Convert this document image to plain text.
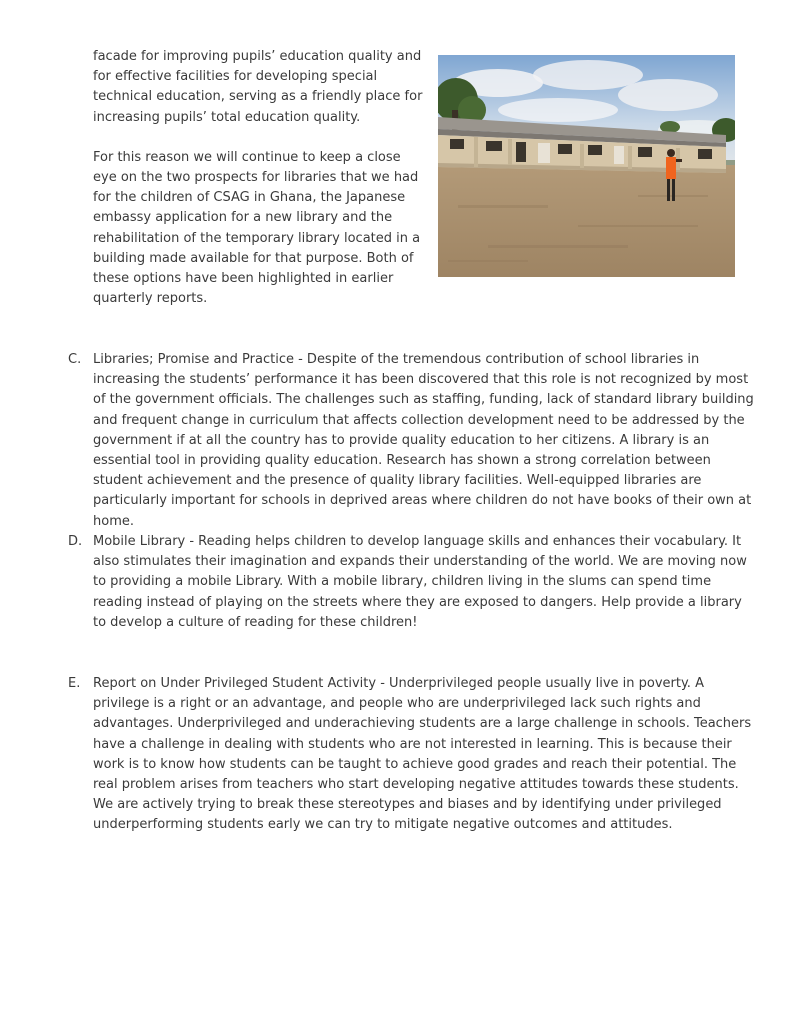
facade for improving pupils’ education quality and for effective facilities for developing special technical education, serving as a friendly place for increasing pupils’ total education quality.

For this reason we will continue to keep a close eye on the two prospects for libraries that we had for the children of CSAG in Ghana, the Japanese embassy application for a new library and the rehabilitation of the temporary library located in a building made available for that purpose. Both of these options have been highlighted in earlier quarterly reports.

C. Libraries; Promise and Practice - Despite of the tremendous contribution of school libraries in increasing the students’ performance it has been discovered that this role is not recognized by most of the government officials. The challenges such as staffing, funding, lack of standard library building and frequent change in curriculum that affects collection development need to be addressed by the government if at all the country has to provide quality education to her citizens. A library is an essential tool in providing quality education. Research has shown a strong correlation between student achievement and the presence of quality library facilities. Well-equipped libraries are particularly important for schools in deprived areas where children do not have books of their own at home.
D. Mobile Library - Reading helps children to develop language skills and enhances their vocabulary. It also stimulates their imagination and expands their understanding of the world. We are moving now to providing a mobile Library. With a mobile library, children living in the slums can spend time reading instead of playing on the streets where they are exposed to dangers. Help provide a library to develop a culture of reading for these children!
E. Report on Under Privileged Student Activity - Underprivileged people usually live in poverty. A privilege is a right or an advantage, and people who are underprivileged lack such rights and advantages. Underprivileged and underachieving students are a large challenge in schools. Teachers have a challenge in dealing with students who are not interested in learning. This is because their work is to know how students can be taught to achieve good grades and reach their potential. The real problem arises from teachers who start developing negative attitudes towards these students. We are actively trying to break these stereotypes and biases and by identifying under privileged underperforming students early we can try to mitigate negative outcomes and attitudes.
